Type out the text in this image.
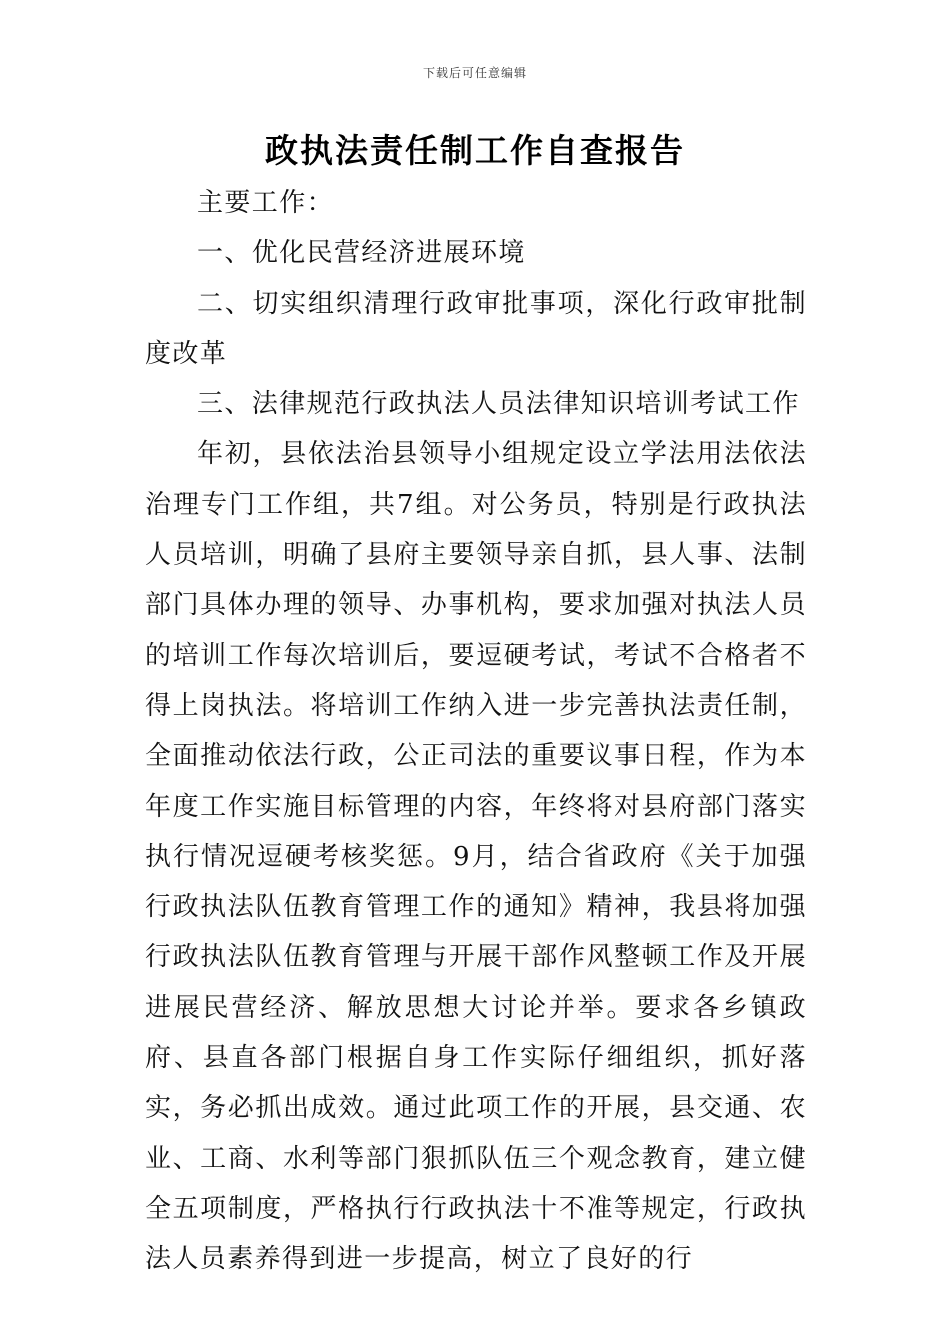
下载后可任意编辑
政执法责任制工作自查报告

主要工作：

一、优化民营经济进展环境

二、切实组织清理行政审批事项，深化行政审批制度改革

三、法律规范行政执法人员法律知识培训考试工作

年初，县依法治县领导小组规定设立学法用法依法治理专门工作组，共7组。对公务员，特别是行政执法人员培训，明确了县府主要领导亲自抓，县人事、法制部门具体办理的领导、办事机构，要求加强对执法人员的培训工作每次培训后，要逗硬考试，考试不合格者不得上岗执法。将培训工作纳入进一步完善执法责任制，全面推动依法行政，公正司法的重要议事日程，作为本年度工作实施目标管理的内容，年终将对县府部门落实执行情况逗硬考核奖惩。9月，结合省政府《关于加强行政执法队伍教育管理工作的通知》精神，我县将加强行政执法队伍教育管理与开展干部作风整顿工作及开展进展民营经济、解放思想大讨论并举。要求各乡镇政府、县直各部门根据自身工作实际仔细组织，抓好落实，务必抓出成效。通过此项工作的开展，县交通、农业、工商、水利等部门狠抓队伍三个观念教育，建立健全五项制度，严格执行行政执法十不准等规定，行政执法人员素养得到进一步提高，树立了良好的行
